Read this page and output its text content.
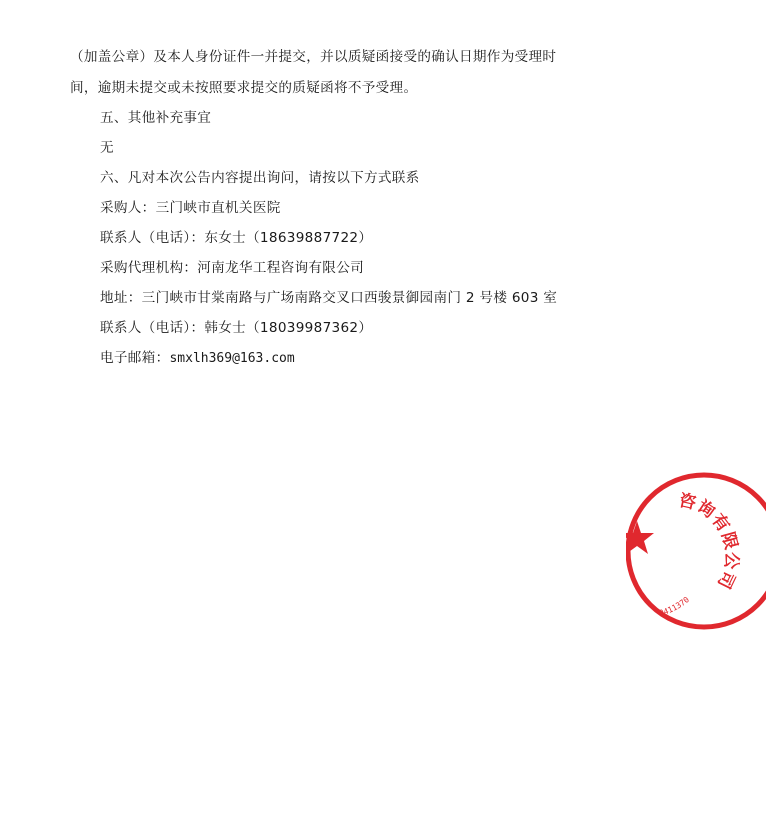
（加盖公章）及本人身份证件一并提交，并以质疑函接受的确认日期作为受理时
间，逾期未提交或未按照要求提交的质疑函将不予受理。
五、其他补充事宜
无
六、凡对本次公告内容提出询问，请按以下方式联系
采购人：三门峡市直机关医院
联系人（电话）：东女士（18639887722）
采购代理机构：河南龙华工程咨询有限公司
地址：三门峡市甘棠南路与广场南路交叉口西骏景御园南门 2 号楼 603 室
联系人（电话）：韩女士（18039987362）
电子邮箱：smxlh369@163.com
咨询有限公司
0411370
